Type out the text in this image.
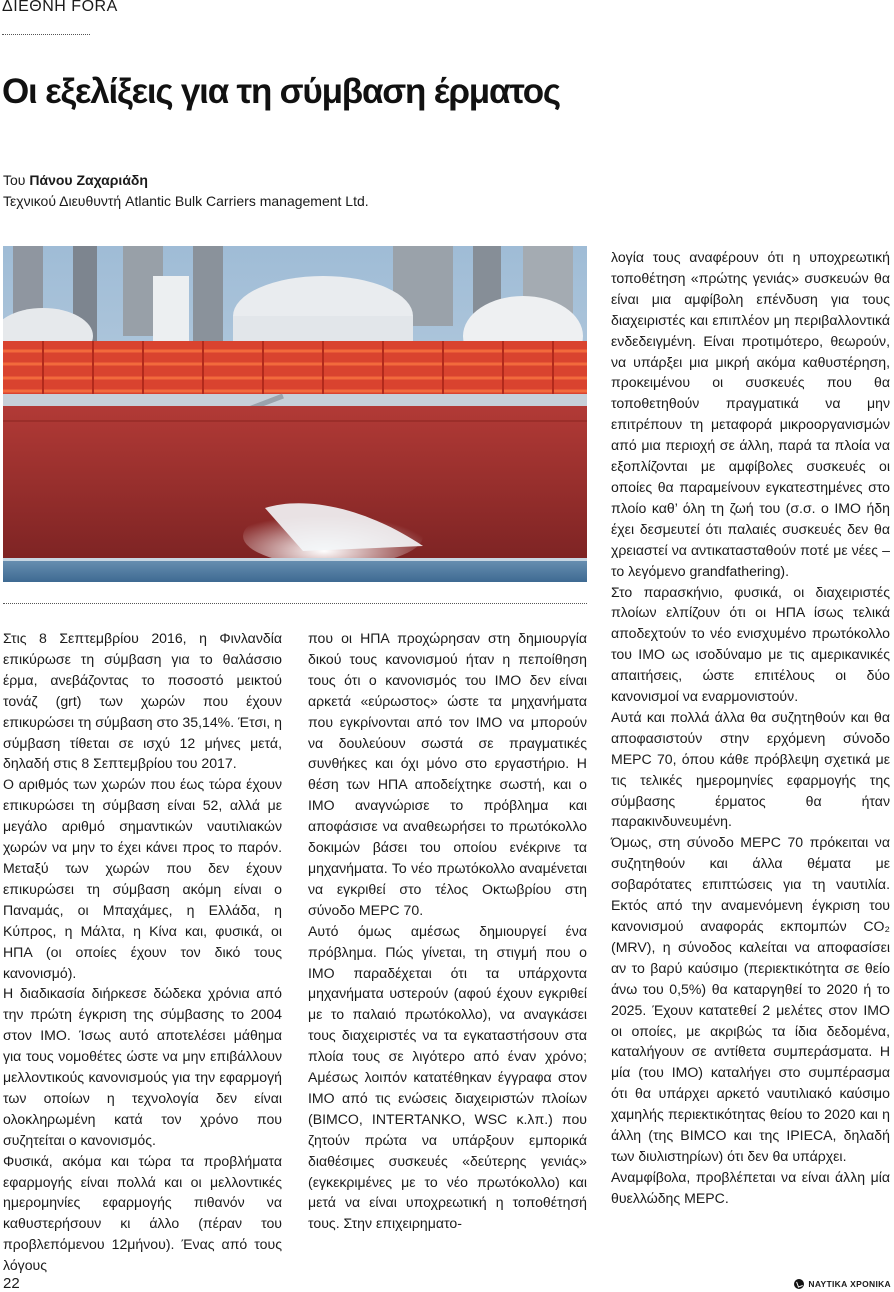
ΔΙΕΘΝΗ FORA
Οι εξελίξεις για τη σύμβαση έρματος
Του Πάνου Ζαχαριάδη
Τεχνικού Διευθυντή Atlantic Bulk Carriers management Ltd.

Στις 8 Σεπτεμβρίου 2016, η Φινλανδία επικύρωσε τη σύμβαση για το θαλάσσιο έρμα, ανεβάζοντας το ποσοστό μεικτού τονάζ (grt) των χωρών που έχουν επικυρώσει τη σύμβαση στο 35,14%. Έτσι, η σύμβαση τίθεται σε ισχύ 12 μήνες μετά, δηλαδή στις 8 Σεπτεμβρίου του 2017.

Ο αριθμός των χωρών που έως τώρα έχουν επικυρώσει τη σύμβαση είναι 52, αλλά με μεγάλο αριθμό σημαντικών ναυτιλιακών χωρών να μην το έχει κάνει προς το παρόν. Μεταξύ των χωρών που δεν έχουν επικυρώσει τη σύμβαση ακόμη είναι ο Παναμάς, οι Μπαχάμες, η Ελλάδα, η Κύπρος, η Μάλτα, η Κίνα και, φυσικά, οι ΗΠΑ (οι οποίες έχουν τον δικό τους κανονισμό).

Η διαδικασία διήρκεσε δώδεκα χρόνια από την πρώτη έγκριση της σύμβασης το 2004 στον ΙΜΟ. Ίσως αυτό αποτελέσει μάθημα για τους νομοθέτες ώστε να μην επιβάλλουν μελλοντικούς κανονισμούς για την εφαρμογή των οποίων η τεχνολογία δεν είναι ολοκληρωμένη κατά τον χρόνο που συζητείται ο κανονισμός.

Φυσικά, ακόμα και τώρα τα προβλήματα εφαρμογής είναι πολλά και οι μελλοντικές ημερομηνίες εφαρμογής πιθανόν να καθυστερήσουν κι άλλο (πέραν του προβλεπόμενου 12μήνου). Ένας από τους λόγους

που οι ΗΠΑ προχώρησαν στη δημιουργία δικού τους κανονισμού ήταν η πεποίθηση τους ότι ο κανονισμός του ΙΜΟ δεν είναι αρκετά «εύρωστος» ώστε τα μηχανήματα που εγκρίνονται από τον ΙΜΟ να μπορούν να δουλεύουν σωστά σε πραγματικές συνθήκες και όχι μόνο στο εργαστήριο. Η θέση των ΗΠΑ αποδείχτηκε σωστή, και ο ΙΜΟ αναγνώρισε το πρόβλημα και αποφάσισε να αναθεωρήσει το πρωτόκολλο δοκιμών βάσει του οποίου ενέκρινε τα μηχανήματα. Το νέο πρωτόκολλο αναμένεται να εγκριθεί στο τέλος Οκτωβρίου στη σύνοδο MEPC 70.

Αυτό όμως αμέσως δημιουργεί ένα πρόβλημα. Πώς γίνεται, τη στιγμή που ο ΙΜΟ παραδέχεται ότι τα υπάρχοντα μηχανήματα υστερούν (αφού έχουν εγκριθεί με το παλαιό πρωτόκολλο), να αναγκάσει τους διαχειριστές να τα εγκαταστήσουν στα πλοία τους σε λιγότερο από έναν χρόνο; Αμέσως λοιπόν κατατέθηκαν έγγραφα στον ΙΜΟ από τις ενώσεις διαχειριστών πλοίων (BIMCO, INTERTANKO, WSC κ.λπ.) που ζητούν πρώτα να υπάρξουν εμπορικά διαθέσιμες συσκευές «δεύτερης γενιάς» (εγκεκριμένες με το νέο πρωτόκολλο) και μετά να είναι υποχρεωτική η τοποθέτησή τους. Στην επιχειρηματο-

λογία τους αναφέρουν ότι η υποχρεωτική τοποθέτηση «πρώτης γενιάς» συσκευών θα είναι μια αμφίβολη επένδυση για τους διαχειριστές και επιπλέον μη περιβαλλοντικά ενδεδειγμένη. Είναι προτιμότερο, θεωρούν, να υπάρξει μια μικρή ακόμα καθυστέρηση, προκειμένου οι συσκευές που θα τοποθετηθούν πραγματικά να μην επιτρέπουν τη μεταφορά μικροοργανισμών από μια περιοχή σε άλλη, παρά τα πλοία να εξοπλίζονται με αμφίβολες συσκευές οι οποίες θα παραμείνουν εγκατεστημένες στο πλοίο καθ’ όλη τη ζωή του (σ.σ. ο ΙΜΟ ήδη έχει δεσμευτεί ότι παλαιές συσκευές δεν θα χρειαστεί να αντικατασταθούν ποτέ με νέες – το λεγόμενο grandfathering).

Στο παρασκήνιο, φυσικά, οι διαχειριστές πλοίων ελπίζουν ότι οι ΗΠΑ ίσως τελικά αποδεχτούν το νέο ενισχυμένο πρωτόκολλο του ΙΜΟ ως ισοδύναμο με τις αμερικανικές απαιτήσεις, ώστε επιτέλους οι δύο κανονισμοί να εναρμονιστούν.

Αυτά και πολλά άλλα θα συζητηθούν και θα αποφασιστούν στην ερχόμενη σύνοδο MEPC 70, όπου κάθε πρόβλεψη σχετικά με τις τελικές ημερομηνίες εφαρμογής της σύμβασης έρματος θα ήταν παρακινδυνευμένη.

Όμως, στη σύνοδο MEPC 70 πρόκειται να συζητηθούν και άλλα θέματα με σοβαρότατες επιπτώσεις για τη ναυτιλία. Εκτός από την αναμενόμενη έγκριση του κανονισμού αναφοράς εκπομπών CO₂ (MRV), η σύνοδος καλείται να αποφασίσει αν το βαρύ καύσιμο (περιεκτικότητα σε θείο άνω του 0,5%) θα καταργηθεί το 2020 ή το 2025. Έχουν κατατεθεί 2 μελέτες στον ΙΜΟ οι οποίες, με ακριβώς τα ίδια δεδομένα, καταλήγουν σε αντίθετα συμπεράσματα. Η μία (του ΙΜΟ) καταλήγει στο συμπέρασμα ότι θα υπάρχει αρκετό ναυτιλιακό καύσιμο χαμηλής περιεκτικότητας θείου το 2020 και η άλλη (της BIMCO και της IPIECA, δηλαδή των διυλιστηρίων) ότι δεν θα υπάρχει.

Αναμφίβολα, προβλέπεται να είναι άλλη μία θυελλώδης MEPC.

22	ΝΑΥΤΙΚΑ ΧΡΟΝΙΚΑ
